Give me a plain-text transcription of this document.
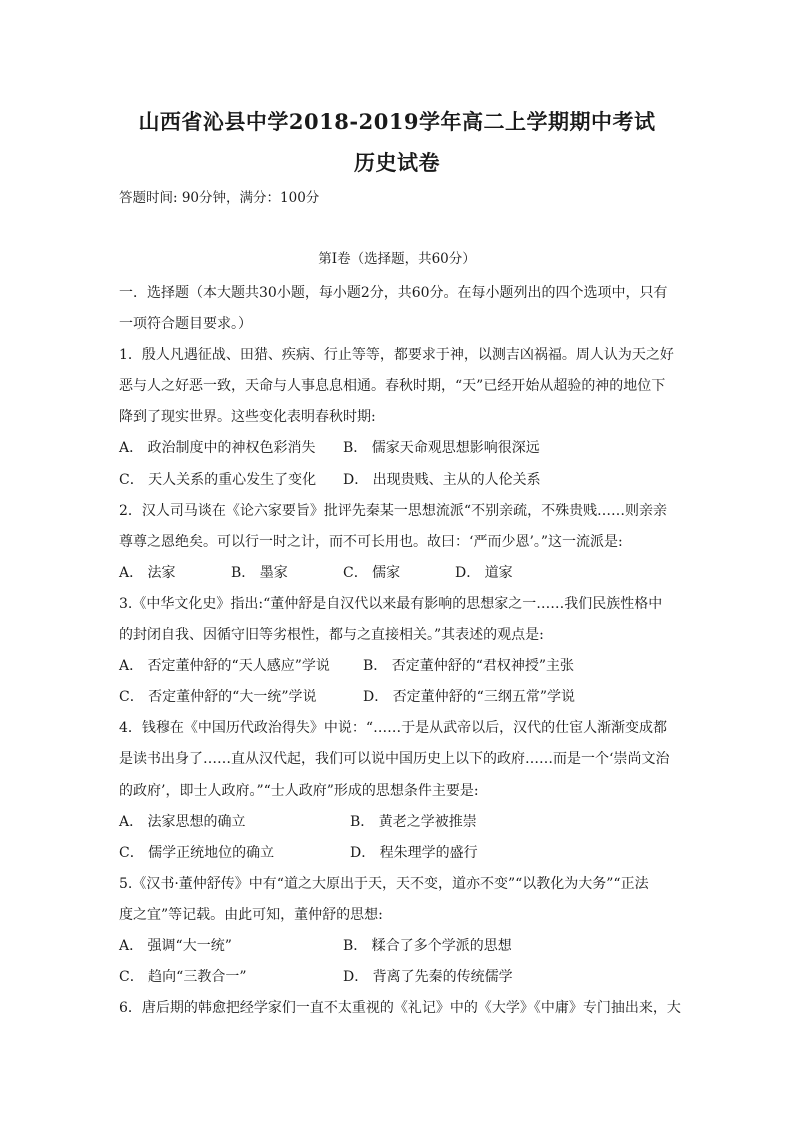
山西省沁县中学2018-2019学年高二上学期期中考试
历史试卷
答题时间: 90分钟，满分：100分
第Ⅰ卷（选择题，共60分）
一．选择题（本大题共30小题，每小题2分，共60分。在每小题列出的四个选项中，只有
一项符合题目要求。）
1．殷人凡遇征战、田猎、疾病、行止等等，都要求于神，以测吉凶祸福。周人认为天之好
恶与人之好恶一致，天命与人事息息相通。春秋时期，“天”已经开始从超验的神的地位下
降到了现实世界。这些变化表明春秋时期:
A． 政治制度中的神权色彩消失 B． 儒家天命观思想影响很深远
C． 天人关系的重心发生了变化 D． 出现贵贱、主从的人伦关系
2．汉人司马谈在《论六家要旨》批评先秦某一思想流派“不别亲疏，不殊贵贱……则亲亲
尊尊之恩绝矣。可以行一时之计，而不可长用也。故曰：‘严而少恩’。”这一流派是:
A． 法家	B． 墨家	C． 儒家	D． 道家
3.《中华文化史》指出:“董仲舒是自汉代以来最有影响的思想家之一……我们民族性格中
的封闭自我、因循守旧等劣根性，都与之直接相关。”其表述的观点是:
A． 否定董仲舒的“天人感应”学说 B． 否定董仲舒的“君权神授”主张
C． 否定董仲舒的“大一统”学说	D． 否定董仲舒的“三纲五常”学说
4．钱穆在《中国历代政治得失》中说：“……于是从武帝以后，汉代的仕宦人渐渐变成都
是读书出身了……直从汉代起，我们可以说中国历史上以下的政府……而是一个‘崇尚文治
的政府’，即士人政府。”“士人政府”形成的思想条件主要是:
A． 法家思想的确立	B． 黄老之学被推崇
C． 儒学正统地位的确立	D． 程朱理学的盛行
5.《汉书·董仲舒传》中有“道之大原出于天，天不变，道亦不变”“以教化为大务”“正法
度之宜”等记载。由此可知，董仲舒的思想:
A． 强调“大一统”	B． 糅合了多个学派的思想
C． 趋向“三教合一”	D． 背离了先秦的传统儒学
6．唐后期的韩愈把经学家们一直不太重视的《礼记》中的《大学》《中庸》专门抽出来，大
